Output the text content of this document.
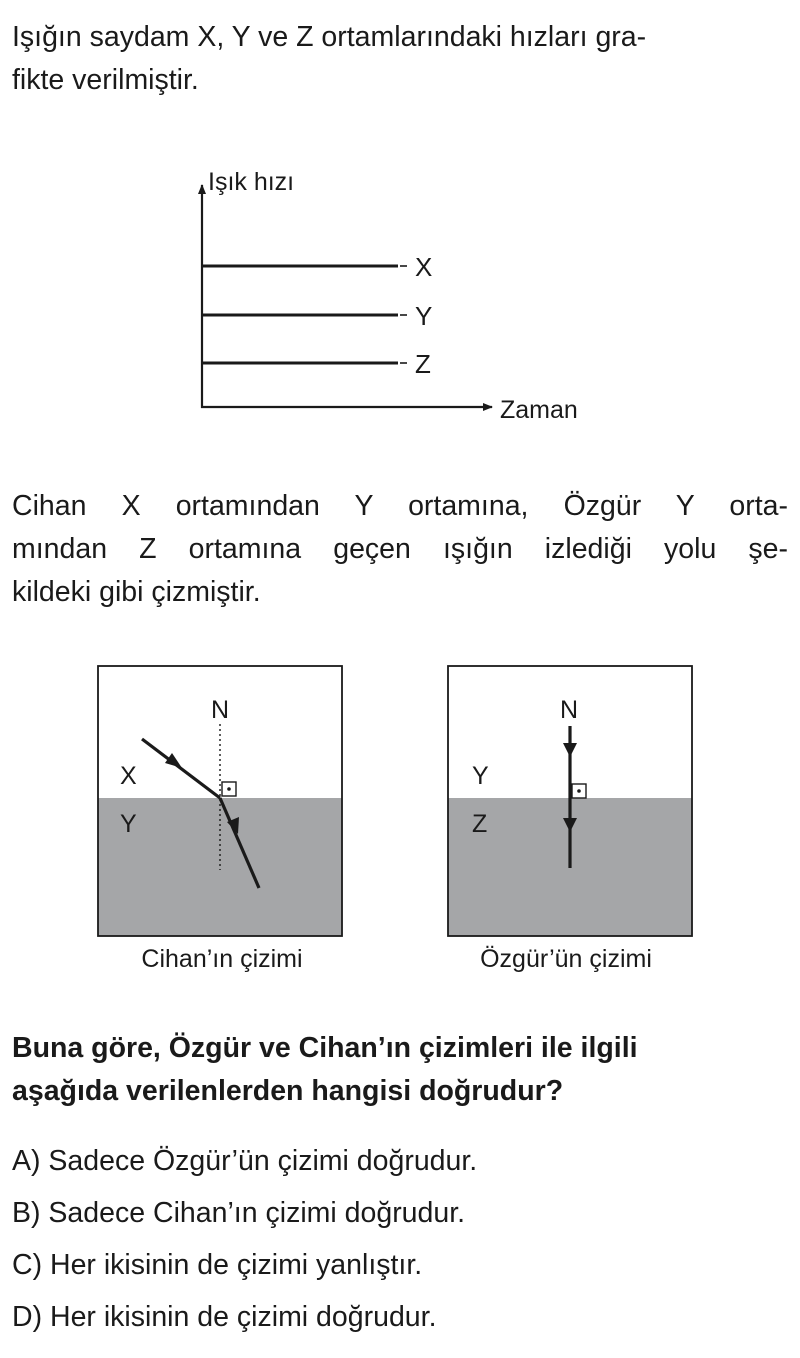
Işığın saydam X, Y ve Z ortamlarındaki hızları gra-
fikte verilmiştir.

Işık hızı
Zaman
X
Y
Z

Cihan X ortamından Y ortamına, Özgür Y orta-
mından Z ortamına geçen ışığın izlediği yolu şe-
kildeki gibi çizmiştir.

N
X
Y
Cihan’ın çizimi
N
Y
Z
Özgür’ün çizimi

Buna göre, Özgür ve Cihan’ın çizimleri ile ilgili
aşağıda verilenlerden hangisi doğrudur?

A) Sadece Özgür’ün çizimi doğrudur.
B) Sadece Cihan’ın çizimi doğrudur.
C) Her ikisinin de çizimi yanlıştır.
D) Her ikisinin de çizimi doğrudur.
